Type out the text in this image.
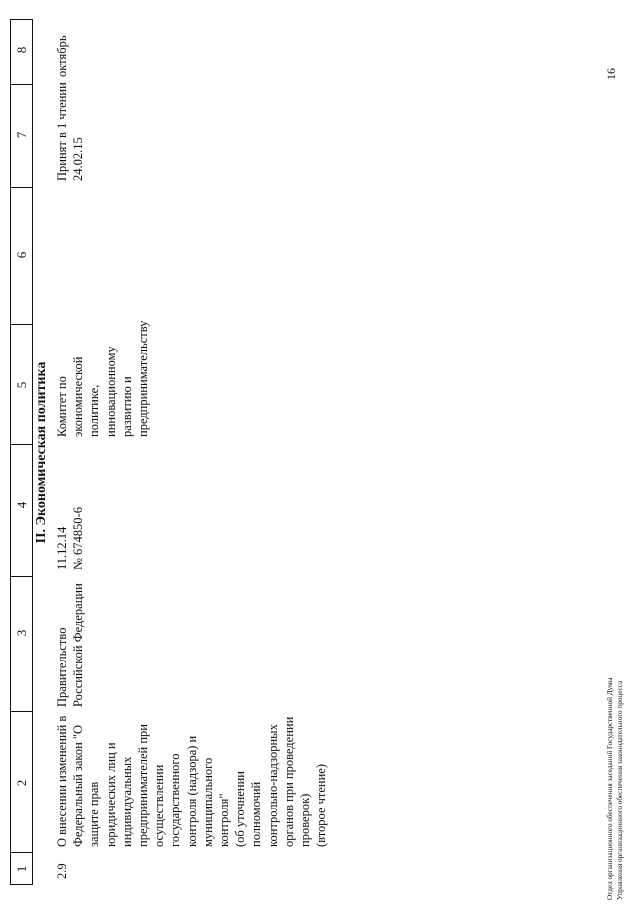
1
2
3
4
5
6
7
8
II. Экономическая политика
2.9
О внесении изменений в Федеральный закон "О защите прав юридических лиц и индивидуальных предпринимателей при осуществлении государственного контроля (надзора) и муниципального контроля" (об уточнении полномочий контрольно-надзорных органов при проведении проверок) (второе чтение)
Правительство Российской Федерации
11.12.14 № 674850-6
Комитет по экономической политике, инновационному развитию и предпринимательству
Принят в 1 чтении 24.02.15
октябрь
Отдел организационного обеспечения заседаний Государственной Думы Управления организационного обеспечения законодательного процесса
16
